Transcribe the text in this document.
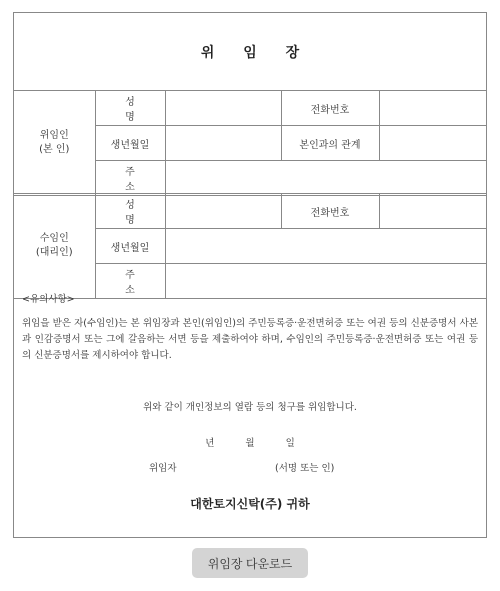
위 임 장
위임인
(본 인)	성 명		전화번호	
	생년월일		본인과의 관계	
	주 소			
수임인
(대리인)	성 명		전화번호	
	생년월일			
	주 소			
<유의사항>
위임을 받은 자(수임인)는 본 위임장과 본인(위임인)의 주민등록증·운전면허증 또는 여권 등의 신분증명서 사본과 인감증명서 또는 그에 갈음하는 서면 등을 제출하여야 하며, 수임인의 주민등록증·운전면허증 또는 여권 등의 신분증명서를 제시하여야 합니다.
위와 같이 개인정보의 열람 등의 청구를 위임합니다.
년	월	일
위임자	(서명 또는 인)
대한토지신탁(주) 귀하
위임장 다운로드
